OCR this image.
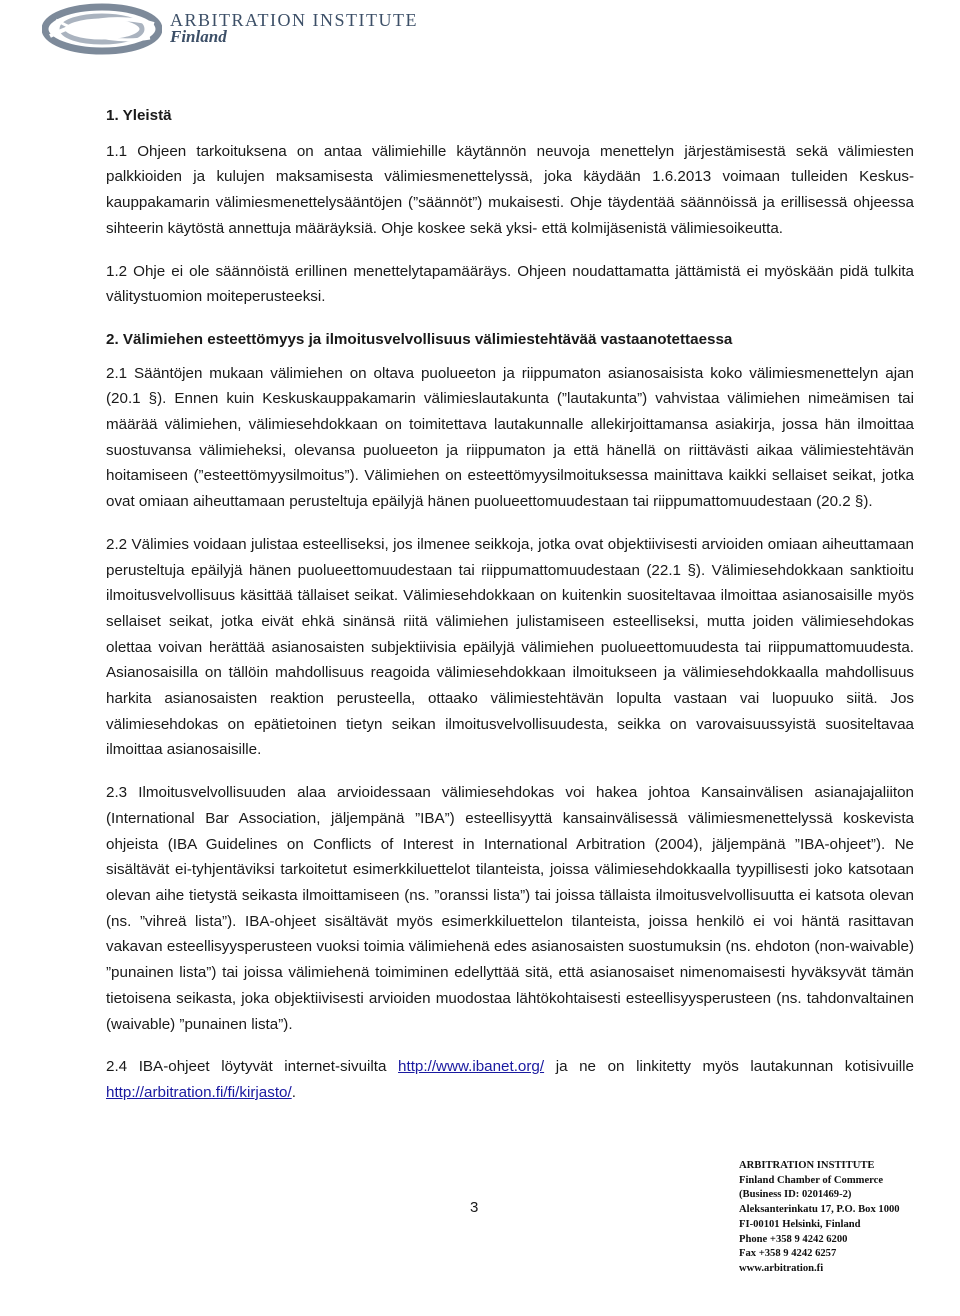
ARBITRATION INSTITUTE
Finland
1. Yleistä

1.1 Ohjeen tarkoituksena on antaa välimiehille käytännön neuvoja menettelyn järjestämisestä sekä välimiesten palkkioiden ja kulujen maksamisesta välimiesmenettelyssä, joka käydään 1.6.2013 voimaan tulleiden Keskuskauppakamarin välimiesmenettelysääntöjen (”säännöt”) mukaisesti. Ohje täydentää säännöissä ja erillisessä ohjeessa sihteerin käytöstä annettuja määräyksiä. Ohje koskee sekä yksi- että kolmijäsenistä välimiesoikeutta.

1.2 Ohje ei ole säännöistä erillinen menettelytapamääräys. Ohjeen noudattamatta jättämistä ei myöskään pidä tulkita välitystuomion moiteperusteeksi.

2. Välimiehen esteettömyys ja ilmoitusvelvollisuus välimiestehtävää vastaanotettaessa

2.1 Sääntöjen mukaan välimiehen on oltava puolueeton ja riippumaton asianosaisista koko välimiesmenettelyn ajan (20.1 §). Ennen kuin Keskuskauppakamarin välimieslautakunta (”lautakunta”) vahvistaa välimiehen nimeämisen tai määrää välimiehen, välimiesehdokkaan on toimitettava lautakunnalle allekirjoittamansa asiakirja, jossa hän ilmoittaa suostuvansa välimieheksi, olevansa puolueeton ja riippumaton ja että hänellä on riittävästi aikaa välimiestehtävän hoitamiseen (”esteettömyysilmoitus”). Välimiehen on esteettömyysilmoituksessa mainittava kaikki sellaiset seikat, jotka ovat omiaan aiheuttamaan perusteltuja epäilyjä hänen puolueettomuudestaan tai riippumattomuudestaan (20.2 §).

2.2 Välimies voidaan julistaa esteelliseksi, jos ilmenee seikkoja, jotka ovat objektiivisesti arvioiden omiaan aiheuttamaan perusteltuja epäilyjä hänen puolueettomuudestaan tai riippumattomuudestaan (22.1 §). Välimiesehdokkaan sanktioitu ilmoitusvelvollisuus käsittää tällaiset seikat. Välimiesehdokkaan on kuitenkin suositeltavaa ilmoittaa asianosaisille myös sellaiset seikat, jotka eivät ehkä sinänsä riitä välimiehen julistamiseen esteelliseksi, mutta joiden välimiesehdokas olettaa voivan herättää asianosaisten subjektiivisia epäilyjä välimiehen puolueettomuudesta tai riippumattomuudesta. Asianosaisilla on tällöin mahdollisuus reagoida välimiesehdokkaan ilmoitukseen ja välimiesehdokkaalla mahdollisuus harkita asianosaisten reaktion perusteella, ottaako välimiestehtävän lopulta vastaan vai luopuuko siitä. Jos välimiesehdokas on epätietoinen tietyn seikan ilmoitusvelvollisuudesta, seikka on varovaisuussyistä suositeltavaa ilmoittaa asianosaisille.

2.3 Ilmoitusvelvollisuuden alaa arvioidessaan välimiesehdokas voi hakea johtoa Kansainvälisen asianajajaliiton (International Bar Association, jäljempänä ”IBA”) esteellisyyttä kansainvälisessä välimiesmenettelyssä koskevista ohjeista (IBA Guidelines on Conflicts of Interest in International Arbitration (2004), jäljempänä ”IBA-ohjeet”). Ne sisältävät ei-tyhjentäviksi tarkoitetut esimerkkiluettelot tilanteista, joissa välimiesehdokkaalla tyypillisesti joko katsotaan olevan aihe tietystä seikasta ilmoittamiseen (ns. ”oranssi lista”) tai joissa tällaista ilmoitusvelvollisuutta ei katsota olevan (ns. ”vihreä lista”). IBA-ohjeet sisältävät myös esimerkkiluettelon tilanteista, joissa henkilö ei voi häntä rasittavan vakavan esteellisyysperusteen vuoksi toimia välimiehenä edes asianosaisten suostumuksin (ns. ehdoton (non-waivable) ”punainen lista”) tai joissa välimiehenä toimiminen edellyttää sitä, että asianosaiset nimenomaisesti hyväksyvät tämän tietoisena seikasta, joka objektiivisesti arvioiden muodostaa lähtökohtaisesti esteellisyysperusteen (ns. tahdonvaltainen (waivable) ”punainen lista”).

2.4 IBA-ohjeet löytyvät internet-sivuilta http://www.ibanet.org/ ja ne on linkitetty myös lautakunnan kotisivuille http://arbitration.fi/fi/kirjasto/.

3
ARBITRATION INSTITUTE
Finland Chamber of Commerce
(Business ID: 0201469-2)
Aleksanterinkatu 17, P.O. Box 1000
FI-00101 Helsinki, Finland
Phone +358 9 4242 6200
Fax +358 9 4242 6257
www.arbitration.fi
